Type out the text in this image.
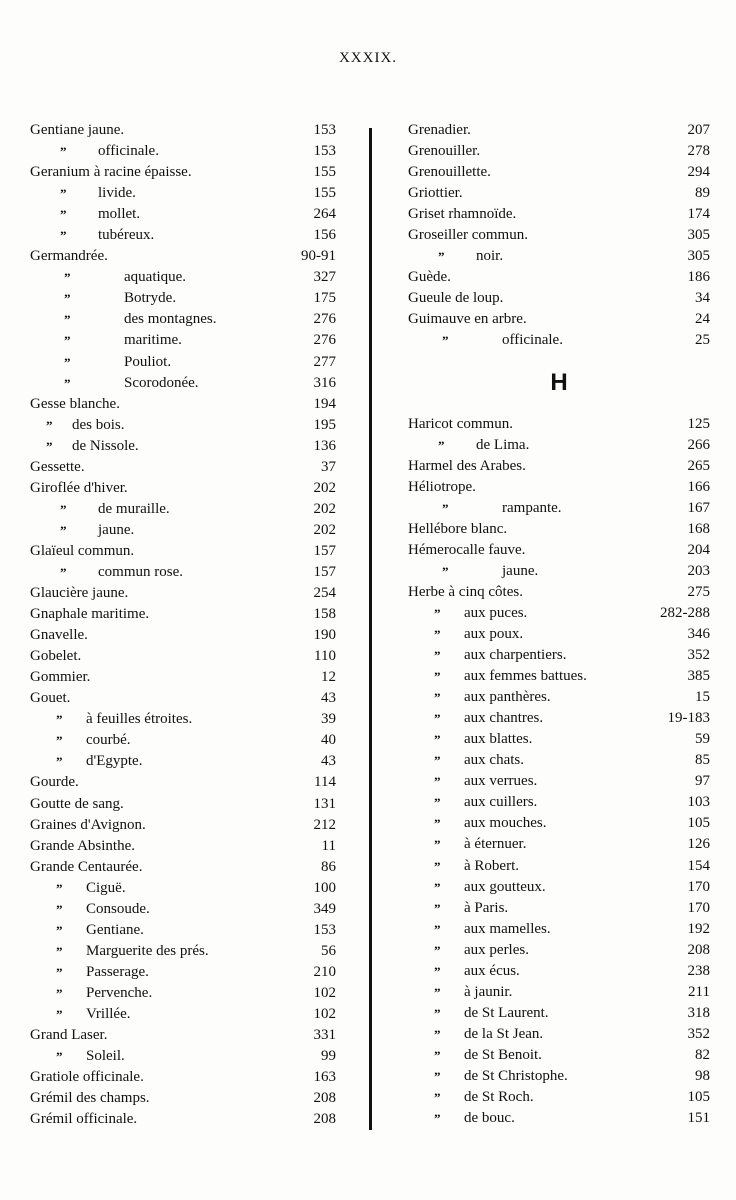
XXXIX.
Gentiane jaune.	153
” officinale.	153
Geranium à racine épaisse.	155
” livide.	155
” mollet.	264
” tubéreux.	156
Germandrée.	90-91
”	aquatique.	327
”	Botryde.	175
”	des montagnes.	276
”	maritime.	276
”	Pouliot.	277
”	Scorodonée.	316
Gesse blanche.	194
” des bois.	195
” de Nissole.	136
Gessette.	37
Giroflée d'hiver.	202
” de muraille.	202
” jaune.	202
Glaïeul commun.	157
” commun rose.	157
Glaucière jaune.	254
Gnaphale maritime.	158
Gnavelle.	190
Gobelet.	110
Gommier.	12
Gouet.	43
” à feuilles étroites.	39
” courbé.	40
” d'Egypte.	43
Gourde.	114
Goutte de sang.	131
Graines d'Avignon.	212
Grande Absinthe.	11
Grande Centaurée.	86
” Ciguë.	100
” Consoude.	349
” Gentiane.	153
” Marguerite des prés.	56
” Passerage.	210
” Pervenche.	102
” Vrillée.	102
Grand Laser.	331
” Soleil.	99
Gratiole officinale.	163
Grémil des champs.	208
Grémil officinale.	208
Grenadier.	207
Grenouiller.	278
Grenouillette.	294
Griottier.	89
Griset rhamnoïde.	174
Groseiller commun.	305
” noir.	305
Guède.	186
Gueule de loup.	34
Guimauve en arbre.	24
”	officinale.	25
H
Haricot commun.	125
” de Lima.	266
Harmel des Arabes.	265
Héliotrope.	166
”	rampante.	167
Hellébore blanc.	168
Hémerocalle fauve.	204
”	jaune.	203
Herbe à cinq côtes.	275
” aux puces.	282-288
” aux poux.	346
” aux charpentiers.	352
” aux femmes battues.	385
” aux panthères.	15
” aux chantres.	19-183
” aux blattes.	59
” aux chats.	85
” aux verrues.	97
” aux cuillers.	103
” aux mouches.	105
” à éternuer.	126
” à Robert.	154
” aux goutteux.	170
” à Paris.	170
” aux mamelles.	192
” aux perles.	208
” aux écus.	238
” à jaunir.	211
” de St Laurent.	318
” de la St Jean.	352
” de St Benoit.	82
” de St Christophe.	98
” de St Roch.	105
” de bouc.	151
